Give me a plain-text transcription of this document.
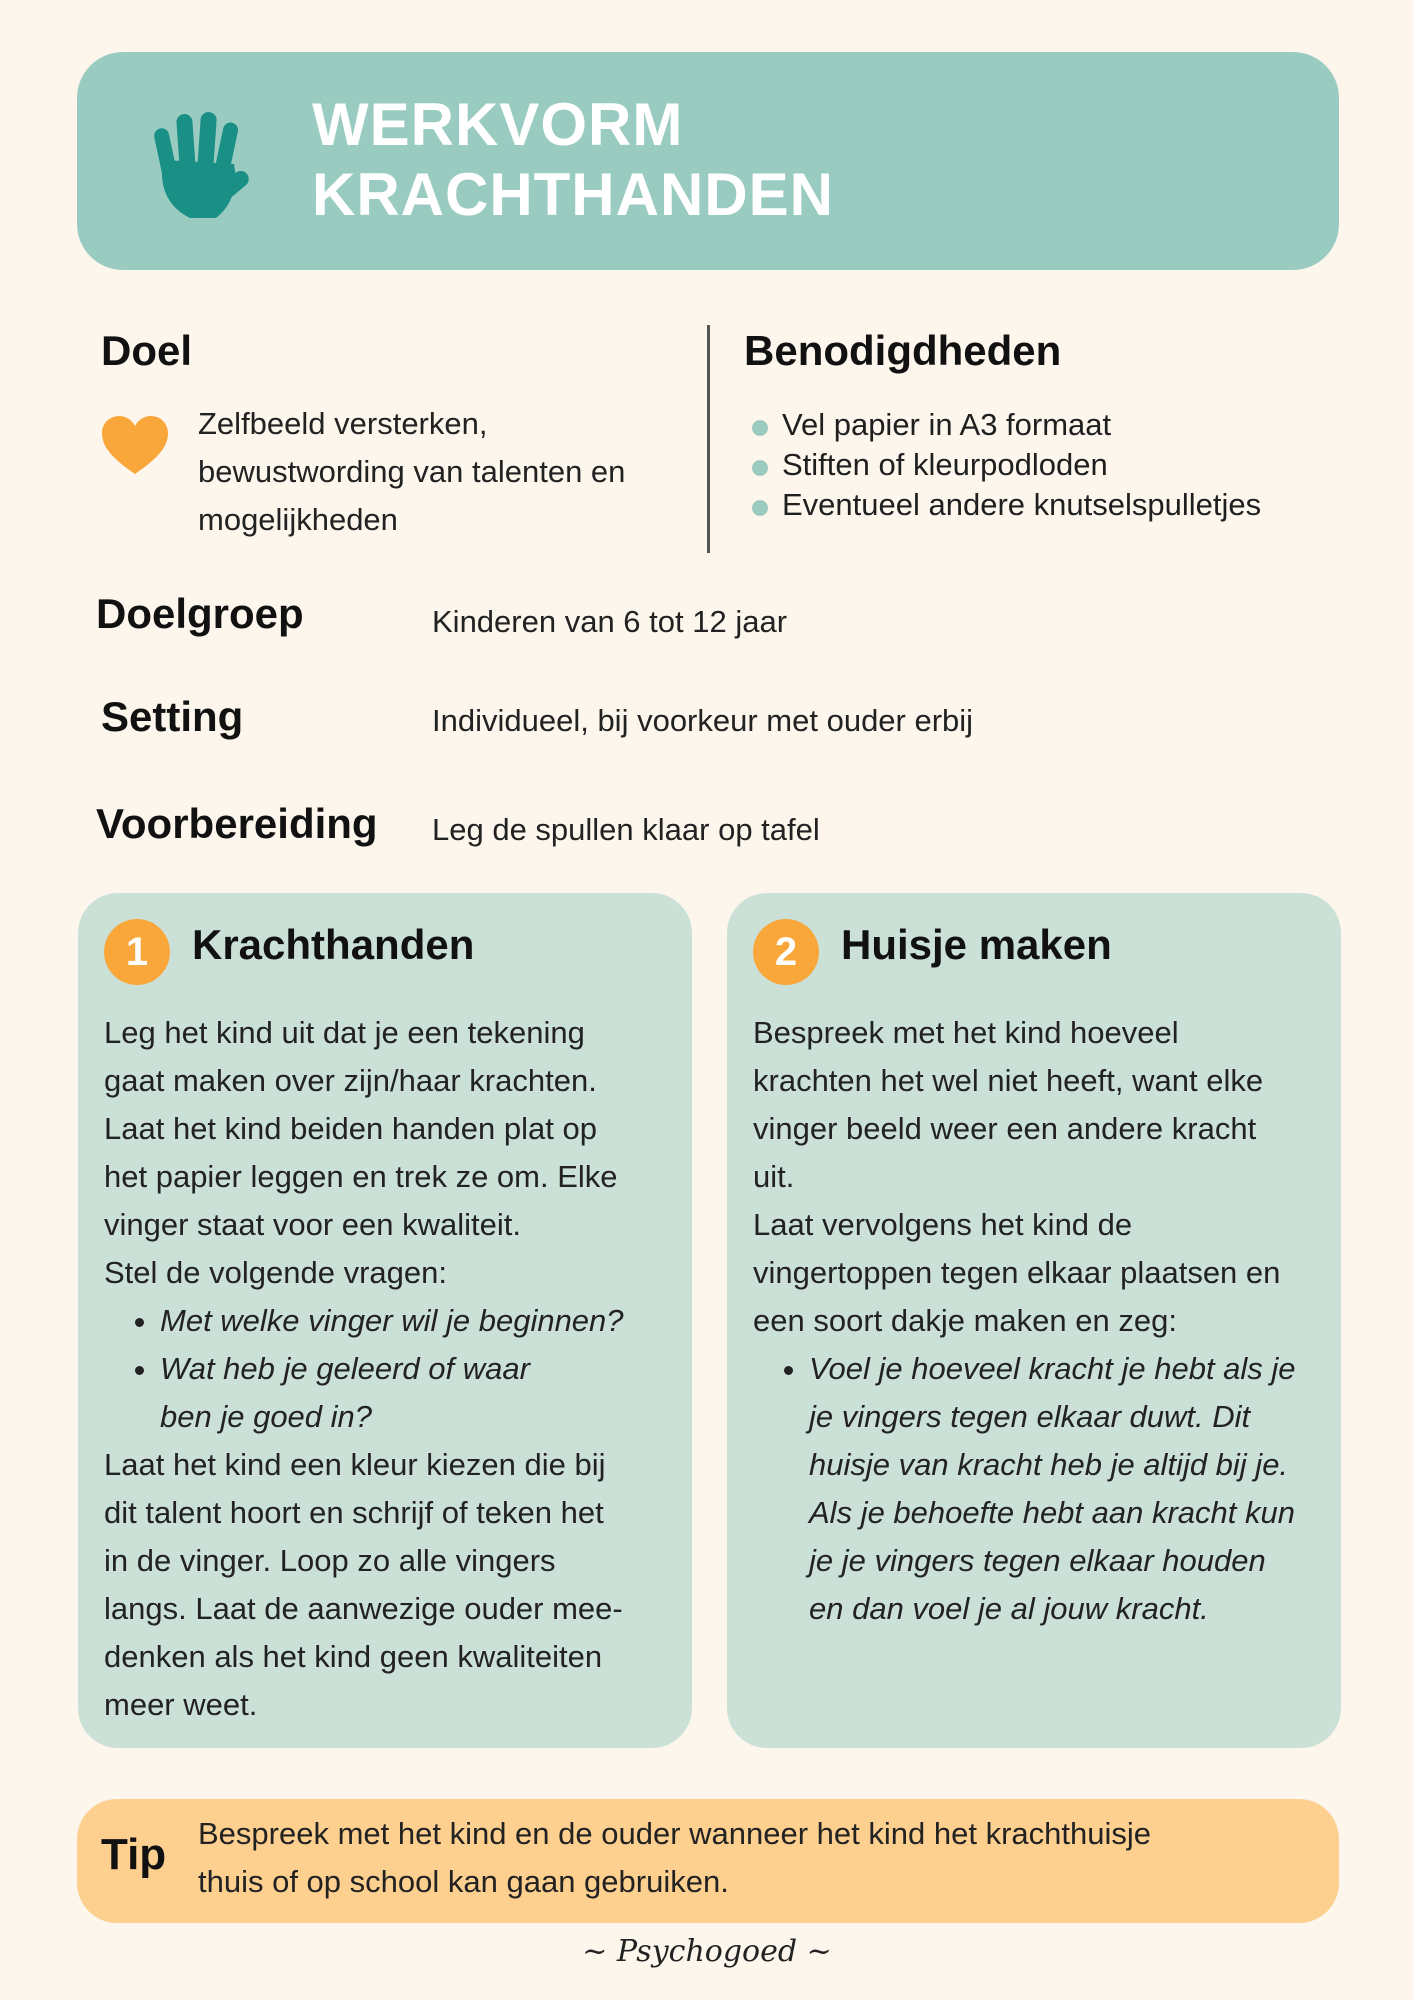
WERKVORM
KRACHTHANDEN
Doel
Zelfbeeld versterken,
bewustwording van talenten en
mogelijkheden
Benodigdheden
Vel papier in A3 formaat
Stiften of kleurpodloden
Eventueel andere knutselspulletjes
Doelgroep	Kinderen van 6 tot 12 jaar
Setting	Individueel, bij voorkeur met ouder erbij
Voorbereiding Leg de spullen klaar op tafel
1	Krachthanden

Leg het kind uit dat je een tekening

gaat maken over zijn/haar krachten.

Laat het kind beiden handen plat op

het papier leggen en trek ze om. Elke

vinger staat voor een kwaliteit.

Stel de volgende vragen:

• Met welke vinger wil je beginnen?
• Wat heb je geleerd of waar ben je goed in?

Laat het kind een kleur kiezen die bij

dit talent hoort en schrijf of teken het

in de vinger. Loop zo alle vingers

langs. Laat de aanwezige ouder mee-

denken als het kind geen kwaliteiten

meer weet.

2	Huisje maken

Bespreek met het kind hoeveel

krachten het wel niet heeft, want elke

vinger beeld weer een andere kracht

uit.

Laat vervolgens het kind de

vingertoppen tegen elkaar plaatsen en

een soort dakje maken en zeg:

• Voel je hoeveel kracht je hebt als je je vingers tegen elkaar duwt. Dit huisje van kracht heb je altijd bij je. Als je behoefte hebt aan kracht kun je je vingers tegen elkaar houden en dan voel je al jouw kracht.
Tip Bespreek met het kind en de ouder wanneer het kind het krachthuisje
thuis of op school kan gaan gebruiken.
~ Psychogoed ~
